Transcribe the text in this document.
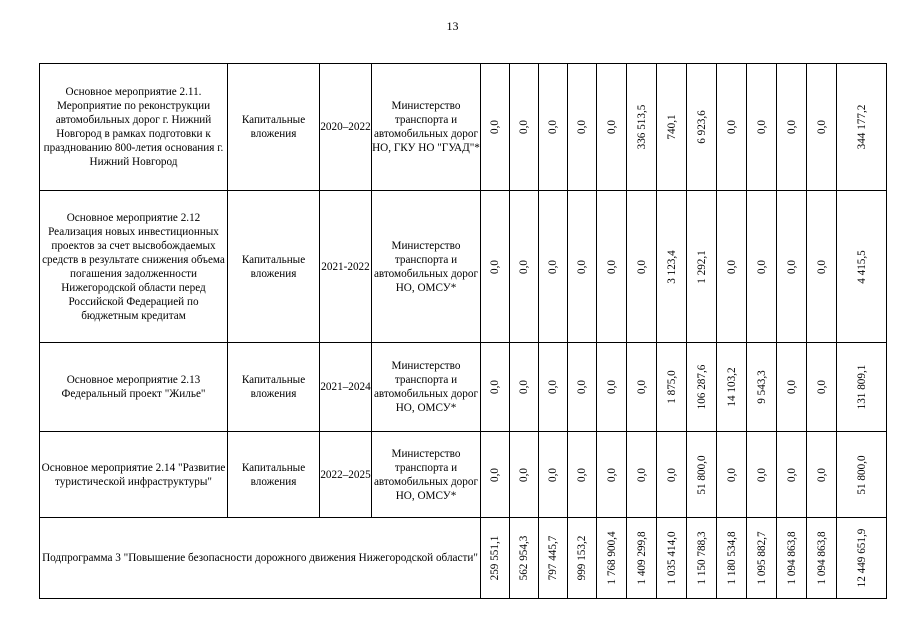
13
Основное мероприятие 2.11. Мероприятие по реконструкции автомобильных дорог г. Нижний Новгород в рамках подготовки к празднованию 800-летия основания г. Нижний Новгород	Капитальные вложения	2020–2022	Министерство транспорта и автомобильных дорог НО, ГКУ НО "ГУАД"*	0,0	0,0	0,0	0,0	0,0	336 513,5	740,1	6 923,6	0,0	0,0	0,0	0,0	344 177,2

Основное мероприятие 2.12 Реализация новых инвестиционных проектов за счет высвобождаемых средств в результате снижения объема погашения задолженности Нижегородской области перед Российской Федерацией по бюджетным кредитам	Капитальные вложения	2021-2022	Министерство транспорта и автомобильных дорог НО, ОМСУ*	0,0	0,0	0,0	0,0	0,0	0,0	3 123,4	1 292,1	0,0	0,0	0,0	0,0	4 415,5

Основное мероприятие 2.13 Федеральный проект "Жилье"	Капитальные вложения	2021–2024	Министерство транспорта и автомобильных дорог НО, ОМСУ*	0,0	0,0	0,0	0,0	0,0	0,0	1 875,0	106 287,6	14 103,2	9 543,3	0,0	0,0	131 809,1

Основное мероприятие 2.14 "Развитие туристической инфраструктуры"	Капитальные вложения	2022–2025	Министерство транспорта и автомобильных дорог НО, ОМСУ*	0,0	0,0	0,0	0,0	0,0	0,0	0,0	51 800,0	0,0	0,0	0,0	0,0	51 800,0

Подпрограмма 3 "Повышение безопасности дорожного движения Нижегородской области"				259 551,1	562 954,3	797 445,7	999 153,2	1 768 900,4	1 409 299,8	1 035 414,0	1 150 788,3	1 180 534,8	1 095 882,7	1 094 863,8	1 094 863,8	12 449 651,9
